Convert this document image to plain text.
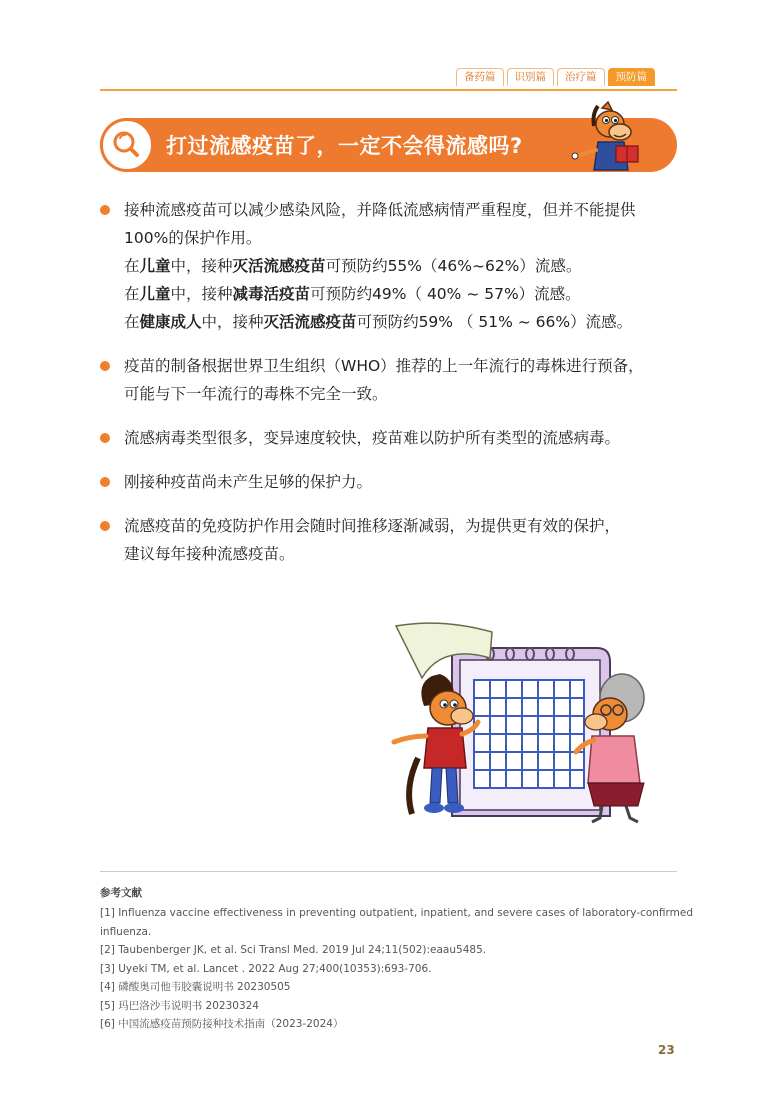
备药篇	识别篇	治疗篇	预防篇
打过流感疫苗了，一定不会得流感吗?
接种流感疫苗可以减少感染风险，并降低流感病情严重程度，但并不能提供
100%的保护作用。
在儿童中，接种灭活流感疫苗可预防约55%（46%~62%）流感。
在儿童中，接种减毒活疫苗可预防约49%（ 40% ~ 57%）流感。
在健康成人中，接种灭活流感疫苗可预防约59% （ 51% ~ 66%）流感。
疫苗的制备根据世界卫生组织（WHO）推荐的上一年流行的毒株进行预备，
可能与下一年流行的毒株不完全一致。
流感病毒类型很多，变异速度较快，疫苗难以防护所有类型的流感病毒。
刚接种疫苗尚未产生足够的保护力。
流感疫苗的免疫防护作用会随时间推移逐渐减弱，为提供更有效的保护，
建议每年接种流感疫苗。
参考文献
[1] Influenza vaccine effectiveness in preventing outpatient, inpatient, and severe cases of laboratory-confirmed
influenza.
[2] Taubenberger JK, et al. Sci Transl Med. 2019 Jul 24;11(502):eaau5485.
[3] Uyeki TM, et al. Lancet . 2022 Aug 27;400(10353):693-706.
[4] 磷酸奥司他韦胶囊说明书 20230505
[5] 玛巴洛沙韦说明书 20230324
[6] 中国流感疫苗预防接种技术指南（2023-2024）
23
